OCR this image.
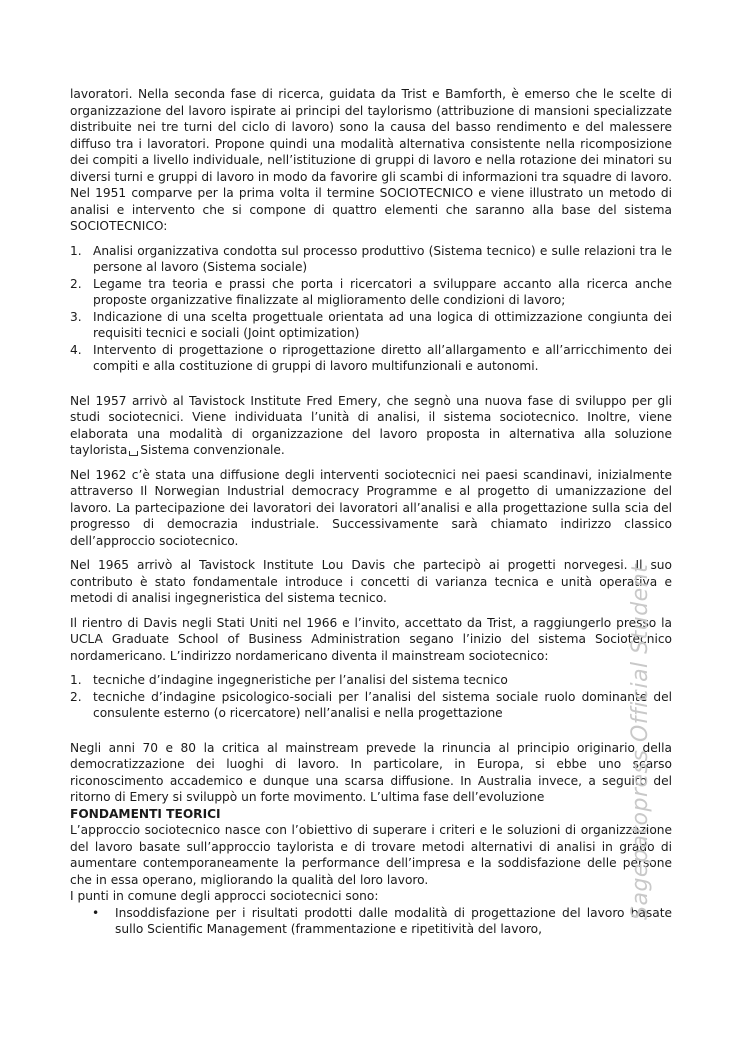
lavoratori. Nella seconda fase di ricerca, guidata da Trist e Bamforth, è emerso che le scelte di organizzazione del lavoro ispirate ai principi del taylorismo (attribuzione di mansioni specializzate distribuite nei tre turni del ciclo di lavoro) sono la causa del basso rendimento e del malessere diffuso tra i lavoratori. Propone quindi una modalità alternativa consistente nella ricomposizione dei compiti a livello individuale, nell’istituzione di gruppi di lavoro e nella rotazione dei minatori su diversi turni e gruppi di lavoro in modo da favorire gli scambi di informazioni tra squadre di lavoro. Nel 1951 comparve per la prima volta il termine SOCIOTECNICO e viene illustrato un metodo di analisi e intervento che si compone di quattro elementi che saranno alla base del sistema SOCIOTECNICO:

1. Analisi organizzativa condotta sul processo produttivo (Sistema tecnico) e sulle relazioni tra le persone al lavoro (Sistema sociale)
2. Legame tra teoria e prassi che porta i ricercatori a sviluppare accanto alla ricerca anche proposte organizzative finalizzate al miglioramento delle condizioni di lavoro;
3. Indicazione di una scelta progettuale orientata ad una logica di ottimizzazione congiunta dei requisiti tecnici e sociali (Joint optimization)
4. Intervento di progettazione o riprogettazione diretto all’allargamento e all’arricchimento dei compiti e alla costituzione di gruppi di lavoro multifunzionali e autonomi.

Nel 1957 arrivò al Tavistock Institute Fred Emery, che segnò una nuova fase di sviluppo per gli studi sociotecnici. Viene individuata l’unità di analisi, il sistema sociotecnico. Inoltre, viene elaborata una modalità di organizzazione del lavoro proposta in alternativa alla soluzione taylorista Sistema convenzionale.

Nel 1962 c’è stata una diffusione degli interventi sociotecnici nei paesi scandinavi, inizialmente attraverso Il Norwegian Industrial democracy Programme e al progetto di umanizzazione del lavoro. La partecipazione dei lavoratori dei lavoratori all’analisi e alla progettazione sulla scia del progresso di democrazia industriale. Successivamente sarà chiamato indirizzo classico dell’approccio sociotecnico.

Nel 1965 arrivò al Tavistock Institute Lou Davis che partecipò ai progetti norvegesi. Il suo contributo è stato fondamentale introduce i concetti di varianza tecnica e unità operativa e metodi di analisi ingegneristica del sistema tecnico.

Il rientro di Davis negli Stati Uniti nel 1966 e l’invito, accettato da Trist, a raggiungerlo presso la UCLA Graduate School of Business Administration segano l’inizio del sistema Sociotecnico nordamericano. L’indirizzo nordamericano diventa il mainstream sociotecnico:

1. tecniche d’indagine ingegneristiche per l’analisi del sistema tecnico
2. tecniche d’indagine psicologico-sociali per l’analisi del sistema sociale ruolo dominante del consulente esterno (o ricercatore) nell’analisi e nella progettazione

Negli anni 70 e 80 la critica al mainstream prevede la rinuncia al principio originario della democratizzazione dei luoghi di lavoro. In particolare, in Europa, si ebbe uno scarso riconoscimento accademico e dunque una scarsa diffusione. In Australia invece, a seguito del ritorno di Emery si sviluppò un forte movimento. L’ultima fase dell’evoluzione

FONDAMENTI TEORICI

L’approccio sociotecnico nasce con l’obiettivo di superare i criteri e le soluzioni di organizzazione del lavoro basate sull’approccio taylorista e di trovare metodi alternativi di analisi in grado di aumentare contemporaneamente la performance dell’impresa e la soddisfazione delle persone che in essa operano, migliorando la qualità del loro lavoro.

I punti in comune degli approcci sociotecnici sono:

• Insoddisfazione per i risultati prodotti dalle modalità di progettazione del lavoro basate sullo Scientific Management (frammentazione e ripetitività del lavoro,
Sagepatopress Official Student
